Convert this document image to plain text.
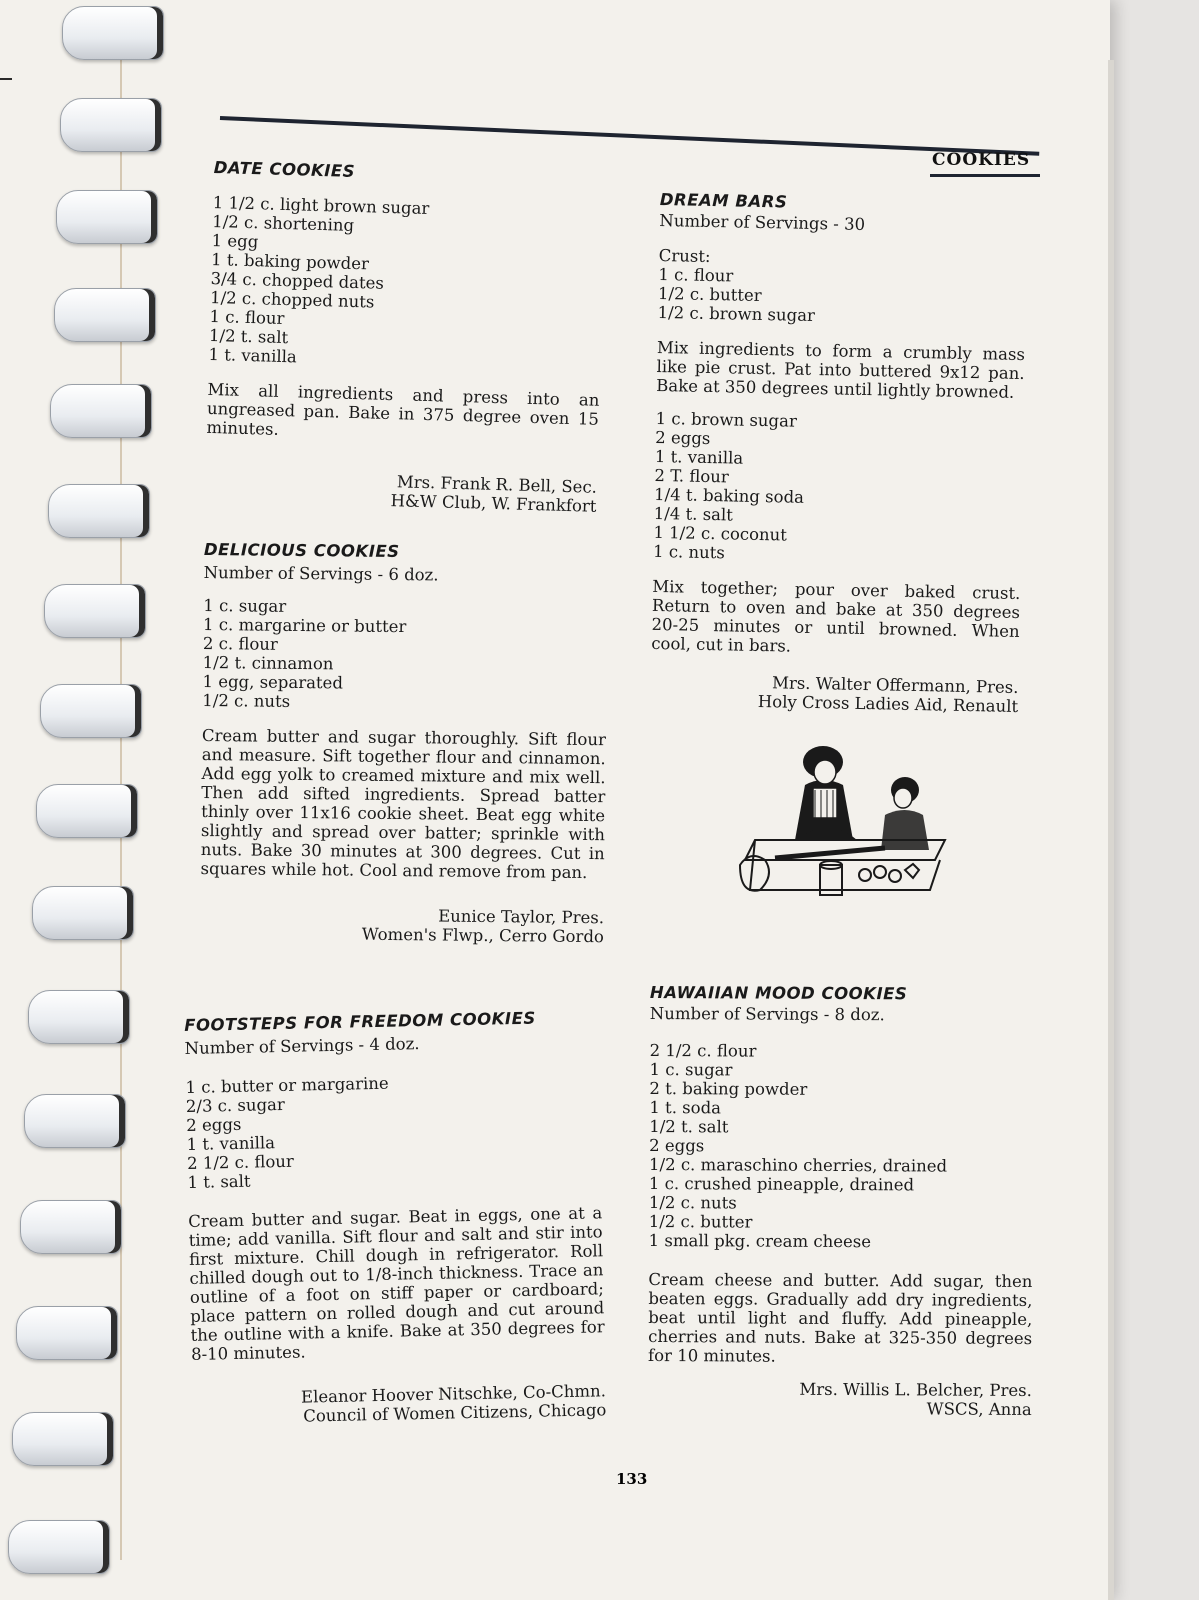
COOKIES
DATE COOKIES
1 1/2 c. light brown sugar
1/2 c. shortening
1 egg
1 t. baking powder
3/4 c. chopped dates
1/2 c. chopped nuts
1 c. flour
1/2 t. salt
1 t. vanilla

Mix all ingredients and press into an ungreased pan. Bake in 375 degree oven 15 minutes.

Mrs. Frank R. Bell, Sec.
H&W Club, W. Frankfort
DELICIOUS COOKIES

Number of Servings - 6 doz.

1 c. sugar
1 c. margarine or butter
2 c. flour
1/2 t. cinnamon
1 egg, separated
1/2 c. nuts

Cream butter and sugar thoroughly. Sift flour and measure. Sift together flour and cinnamon. Add egg yolk to creamed mixture and mix well. Then add sifted ingredients. Spread batter thinly over 11x16 cookie sheet. Beat egg white slightly and spread over batter; sprinkle with nuts. Bake 30 minutes at 300 degrees. Cut in squares while hot. Cool and remove from pan.

Eunice Taylor, Pres.
Women's Flwp., Cerro Gordo
FOOTSTEPS FOR FREEDOM COOKIES

Number of Servings - 4 doz.

1 c. butter or margarine
2/3 c. sugar
2 eggs
1 t. vanilla
2 1/2 c. flour
1 t. salt

Cream butter and sugar. Beat in eggs, one at a time; add vanilla. Sift flour and salt and stir into first mixture. Chill dough in refrigerator. Roll chilled dough out to 1/8-inch thickness. Trace an outline of a foot on stiff paper or cardboard; place pattern on rolled dough and cut around the outline with a knife. Bake at 350 degrees for 8-10 minutes.

Eleanor Hoover Nitschke, Co-Chmn.
Council of Women Citizens, Chicago
DREAM BARS

Number of Servings - 30

Crust:

1 c. flour
1/2 c. butter
1/2 c. brown sugar

Mix ingredients to form a crumbly mass like pie crust. Pat into buttered 9x12 pan. Bake at 350 degrees until lightly browned.

1 c. brown sugar
2 eggs
1 t. vanilla
2 T. flour
1/4 t. baking soda
1/4 t. salt
1 1/2 c. coconut
1 c. nuts

Mix together; pour over baked crust. Return to oven and bake at 350 degrees 20-25 minutes or until browned. When cool, cut in bars.

Mrs. Walter Offermann, Pres.
Holy Cross Ladies Aid, Renault
HAWAIIAN MOOD COOKIES

Number of Servings - 8 doz.

2 1/2 c. flour
1 c. sugar
2 t. baking powder
1 t. soda
1/2 t. salt
2 eggs
1/2 c. maraschino cherries, drained
1 c. crushed pineapple, drained
1/2 c. nuts
1/2 c. butter
1 small pkg. cream cheese

Cream cheese and butter. Add sugar, then beaten eggs. Gradually add dry ingredients, beat until light and fluffy. Add pineapple, cherries and nuts. Bake at 325-350 degrees for 10 minutes.

Mrs. Willis L. Belcher, Pres.
WSCS, Anna
133
